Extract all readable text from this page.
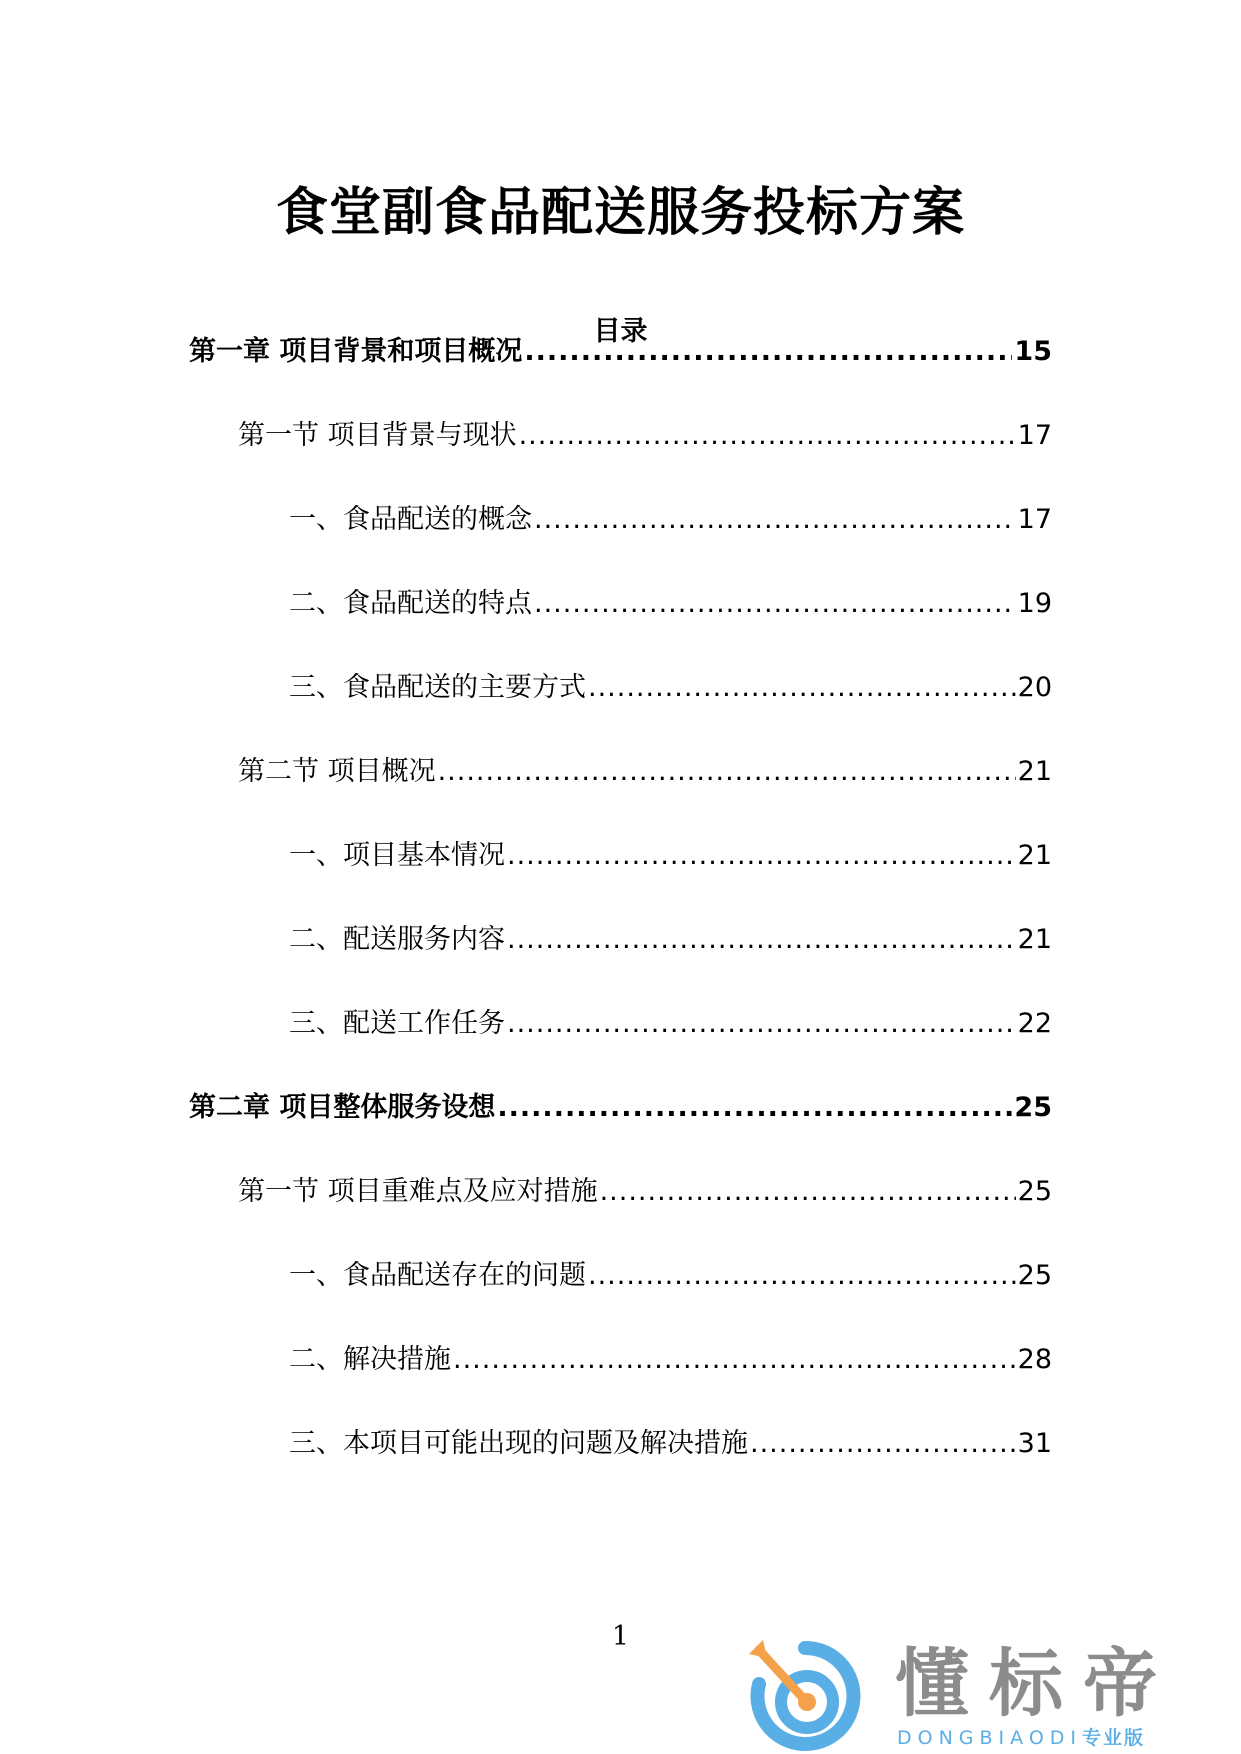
食堂副食品配送服务投标方案
目录
第一章 项目背景和项目概况 .....	15
第一节 项目背景与现状 .....	17
一、食品配送的概念 .....	17
二、食品配送的特点 .....	19
三、食品配送的主要方式 .....	20
第二节 项目概况 .....	21
一、项目基本情况 .....	21
二、配送服务内容 .....	21
三、配送工作任务 .....	22
第二章 项目整体服务设想 .....	25
第一节 项目重难点及应对措施 .....	25
一、食品配送存在的问题 .....	25
二、解决措施 .....	28
三、本项目可能出现的问题及解决措施 .....	31
1
懂标帝
DONGBIAODI专业版
